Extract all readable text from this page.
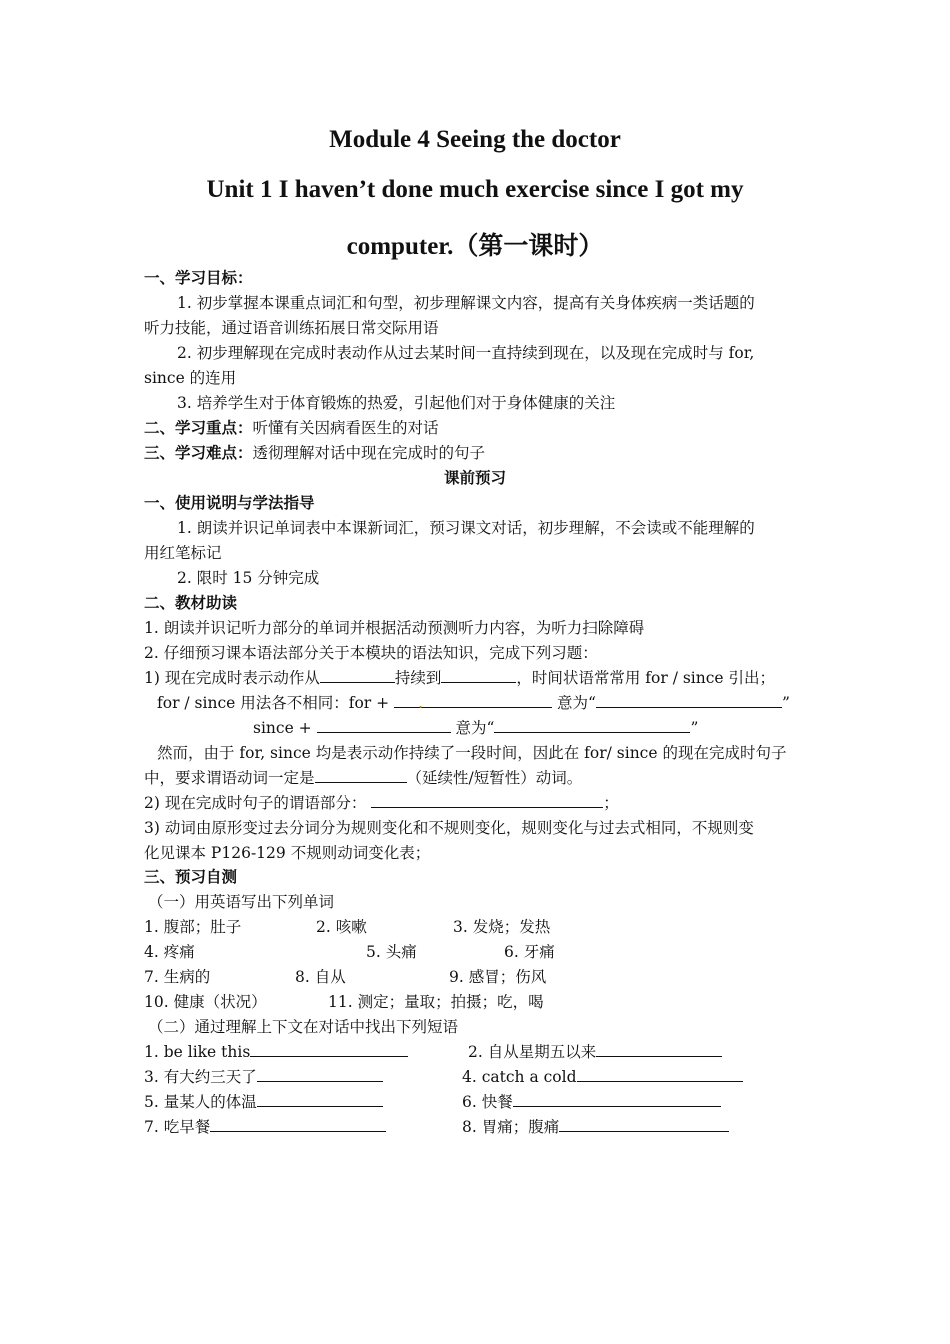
Module 4 Seeing the doctor
Unit 1 I haven’t done much exercise since I got my
computer.（第一课时）
一、学习目标：
1. 初步掌握本课重点词汇和句型，初步理解课文内容，提高有关身体疾病一类话题的
听力技能，通过语音训练拓展日常交际用语
2. 初步理解现在完成时表动作从过去某时间一直持续到现在，以及现在完成时与 for,
since 的连用
3. 培养学生对于体育锻炼的热爱，引起他们对于身体健康的关注
二、学习重点：听懂有关因病看医生的对话
三、学习难点：透彻理解对话中现在完成时的句子
课前预习
一、使用说明与学法指导
1. 朗读并识记单词表中本课新词汇，预习课文对话，初步理解，不会读或不能理解的
用红笔标记
2. 限时 15 分钟完成
二、教材助读
1. 朗读并识记听力部分的单词并根据活动预测听力内容，为听力扫除障碍
2. 仔细预习课本语法部分关于本模块的语法知识，完成下列习题：
1) 现在完成时表示动作从	持续到	，时间状语常常用 for / since 引出；
for / since 用法各不相同：for + .	意为“	”
since +	意为“	”
然而，由于 for, since 均是表示动作持续了一段时间，因此在 for/ since 的现在完成时句子
中，要求谓语动词一定是	（延续性/短暂性）动词。
2) 现在完成时句子的谓语部分：	；
3) 动词由原形变过去分词分为规则变化和不规则变化，规则变化与过去式相同，不规则变
化见课本 P126-129 不规则动词变化表；
三、预习自测
（一）用英语写出下列单词
1. 腹部；肚子	2. 咳嗽	3. 发烧；发热
4. 疼痛	5. 头痛	6. 牙痛
7. 生病的	8. 自从	9. 感冒；伤风
10. 健康（状况）	11. 测定；量取；拍摄；吃，喝
（二）通过理解上下文在对话中找出下列短语
1. be like this	2. 自从星期五以来
3. 有大约三天了	4. catch a cold
5. 量某人的体温	6. 快餐
7. 吃早餐	8. 胃痛；腹痛
